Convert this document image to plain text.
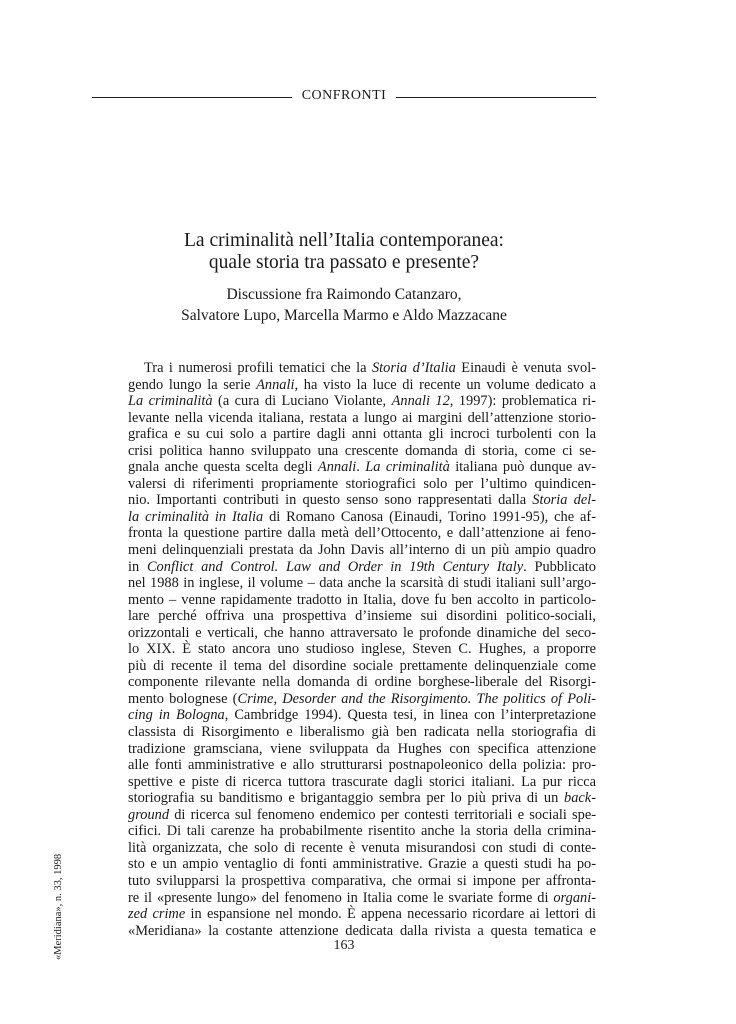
CONFRONTI
La criminalità nell’Italia contemporanea:
quale storia tra passato e presente?

Discussione fra Raimondo Catanzaro,
Salvatore Lupo, Marcella Marmo e Aldo Mazzacane

Tra i numerosi profili tematici che la Storia d’Italia Einaudi è venuta svol-
gendo lungo la serie Annali, ha visto la luce di recente un volume dedicato a
La criminalità (a cura di Luciano Violante, Annali 12, 1997): problematica ri-
levante nella vicenda italiana, restata a lungo ai margini dell’attenzione storio-
grafica e su cui solo a partire dagli anni ottanta gli incroci turbolenti con la
crisi politica hanno sviluppato una crescente domanda di storia, come ci se-
gnala anche questa scelta degli Annali. La criminalità italiana può dunque av-
valersi di riferimenti propriamente storiografici solo per l’ultimo quindicen-
nio. Importanti contributi in questo senso sono rappresentati dalla Storia del-
la criminalità in Italia di Romano Canosa (Einaudi, Torino 1991-95), che af-
fronta la questione partire dalla metà dell’Ottocento, e dall’attenzione ai feno-
meni delinquenziali prestata da John Davis all’interno di un più ampio quadro
in Conflict and Control. Law and Order in 19th Century Italy. Pubblicato
nel 1988 in inglese, il volume – data anche la scarsità di studi italiani sull’argo-
mento – venne rapidamente tradotto in Italia, dove fu ben accolto in particolo-
lare perché offriva una prospettiva d’insieme sui disordini politico-sociali,
orizzontali e verticali, che hanno attraversato le profonde dinamiche del seco-
lo XIX. È stato ancora uno studioso inglese, Steven C. Hughes, a proporre
più di recente il tema del disordine sociale prettamente delinquenziale come
componente rilevante nella domanda di ordine borghese-liberale del Risorgi-
mento bolognese (Crime, Desorder and the Risorgimento. The politics of Poli-
cing in Bologna, Cambridge 1994). Questa tesi, in linea con l’interpretazione
classista di Risorgimento e liberalismo già ben radicata nella storiografia di
tradizione gramsciana, viene sviluppata da Hughes con specifica attenzione
alle fonti amministrative e allo strutturarsi postnapoleonico della polizia: pro-
spettive e piste di ricerca tuttora trascurate dagli storici italiani. La pur ricca
storiografia su banditismo e brigantaggio sembra per lo più priva di un back-
ground di ricerca sul fenomeno endemico per contesti territoriali e sociali spe-
cifici. Di tali carenze ha probabilmente risentito anche la storia della crimina-
lità organizzata, che solo di recente è venuta misurandosi con studi di conte-
sto e un ampio ventaglio di fonti amministrative. Grazie a questi studi ha po-
tuto svilupparsi la prospettiva comparativa, che ormai si impone per affronta-
re il «presente lungo» del fenomeno in Italia come le svariate forme di organi-
zed crime in espansione nel mondo. È appena necessario ricordare ai lettori di
«Meridiana» la costante attenzione dedicata dalla rivista a questa tematica e
«Meridiana», n. 33, 1998	163
